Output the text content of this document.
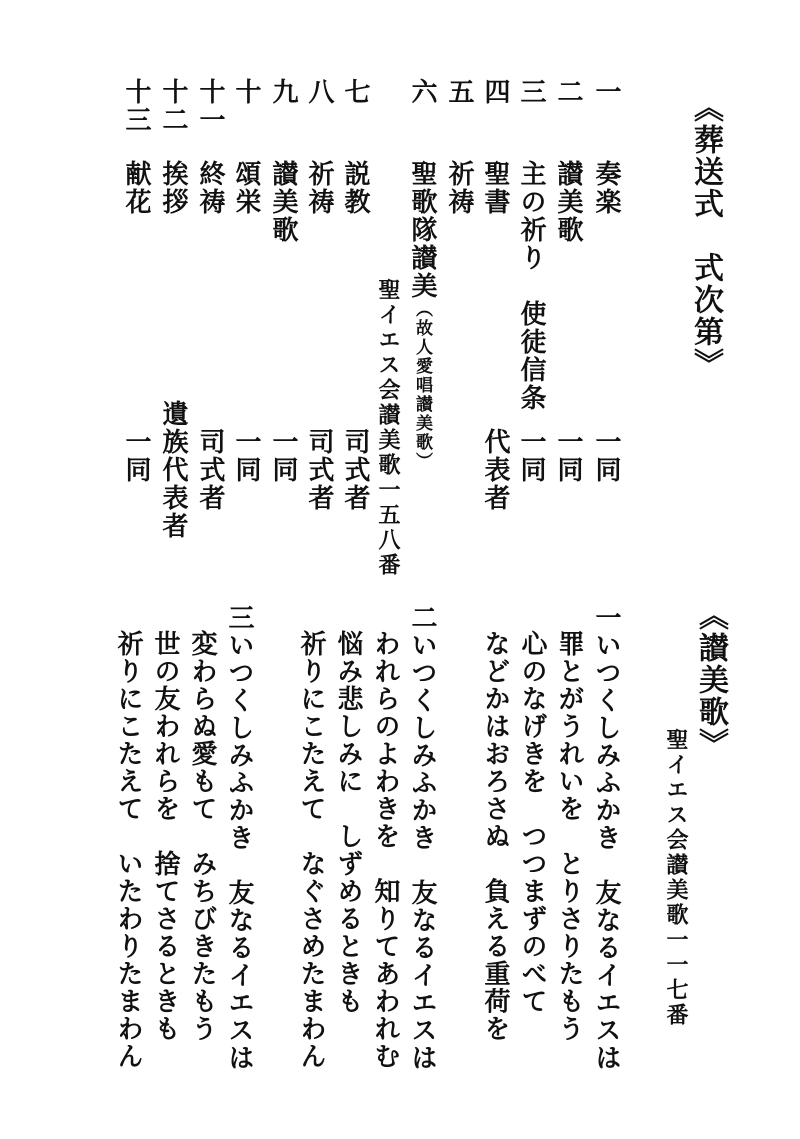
《葬送式　式次第》
一
奏楽
一同
二
讃美歌
一同
三
主の祈り　使徒信条
一同
四
聖書
代表者
五
祈祷
六
聖歌隊讃美（故人愛唱讃美歌）
聖イエス会讃美歌一五八番
七
説教
司式者
八
祈祷
司式者
九
讃美歌
一同
十
頌栄
一同
十一
終祷
司式者
十二
挨拶
遺族代表者
十三
献花
一同
《讃美歌》
聖イエス会讃美歌一一七番
一いつくしみふかき　友なるイエスは
罪とがうれいを　とりさりたもう
心のなげきを　つつまずのべて
などかはおろさぬ　負える重荷を
二いつくしみふかき　友なるイエスは
われらのよわきを　知りてあわれむ
悩み悲しみに　しずめるときも
祈りにこたえて　なぐさめたまわん
三いつくしみふかき　友なるイエスは
変わらぬ愛もて　みちびきたもう
世の友われらを　捨てさるときも
祈りにこたえて　いたわりたまわん
